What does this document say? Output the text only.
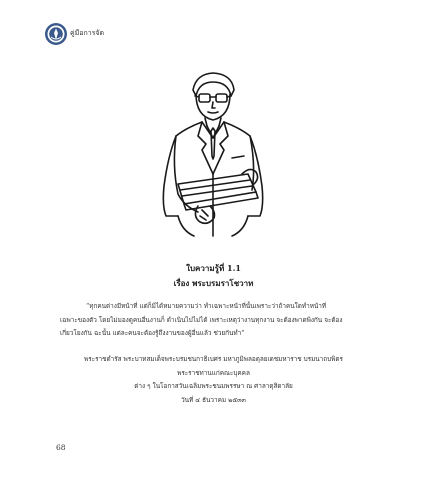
คู่มือการจัด
ใบความรู้ที่ 1.1
เรื่อง พระบรมราโชวาท
“ทุกคนต่างมีหน้าที่ แต่ก็มิได้หมายความว่า ทำเฉพาะหน้าที่นั้นเพราะว่าถ้าคนใดทำหน้าที่
เฉพาะของตัว โดยไม่มองดูคนอื่นงานก็ ดำเนินไปไม่ได้ เพราะเหตุว่างานทุกงาน จะต้องพาดพิงกัน จะต้อง
เกี่ยวโยงกัน ฉะนั้น แต่ละคนจะต้องรู้ถึงงานของผู้อื่นแล้ว ช่วยกันทำ”
พระราชดำรัส พระบาทสมเด็จพระบรมชนกาธิเบศร มหาภูมิพลอดุลยเดชมหาราช บรมนาถบพิตร
พระราชทานแก่คณะบุคคล
ต่าง ๆ ในโอกาสวันเฉลิมพระชนมพรรษา ณ ศาลาดุสิดาลัย
วันที่ ๔ ธันวาคม ๒๕๓๓
68
